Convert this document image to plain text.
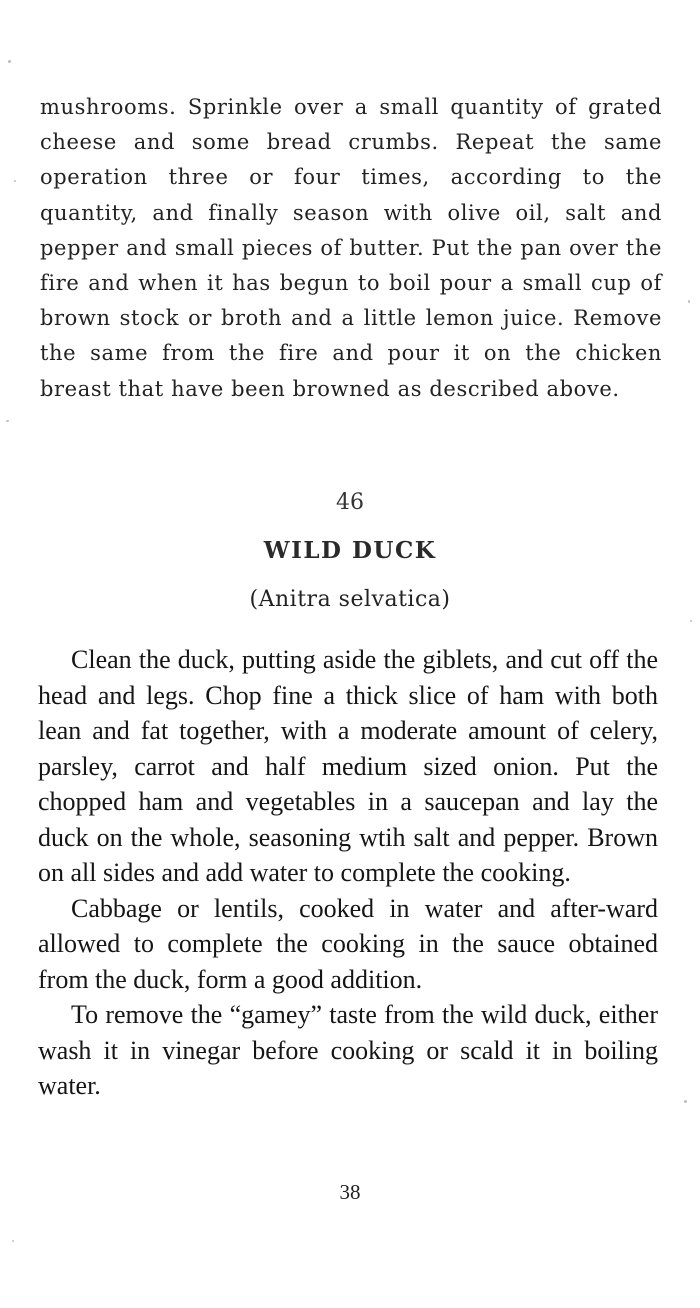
mushrooms. Sprinkle over a small quantity of grated cheese and some bread crumbs. Repeat the same operation three or four times, according to the quantity, and finally season with olive oil, salt and pepper and small pieces of butter. Put the pan over the fire and when it has begun to boil pour a small cup of brown stock or broth and a little lemon juice. Remove the same from the fire and pour it on the chicken breast that have been browned as described above.
46
WILD DUCK
(Anitra selvatica)

Clean the duck, putting aside the giblets, and cut off the head and legs. Chop fine a thick slice of ham with both lean and fat together, with a moderate amount of celery, parsley, carrot and half medium sized onion. Put the chopped ham and vegetables in a saucepan and lay the duck on the whole, seasoning wtih salt and pepper. Brown on all sides and add water to complete the cooking.

Cabbage or lentils, cooked in water and after-ward allowed to complete the cooking in the sauce obtained from the duck, form a good addition.

To remove the “gamey” taste from the wild duck, either wash it in vinegar before cooking or scald it in boiling water.

38
